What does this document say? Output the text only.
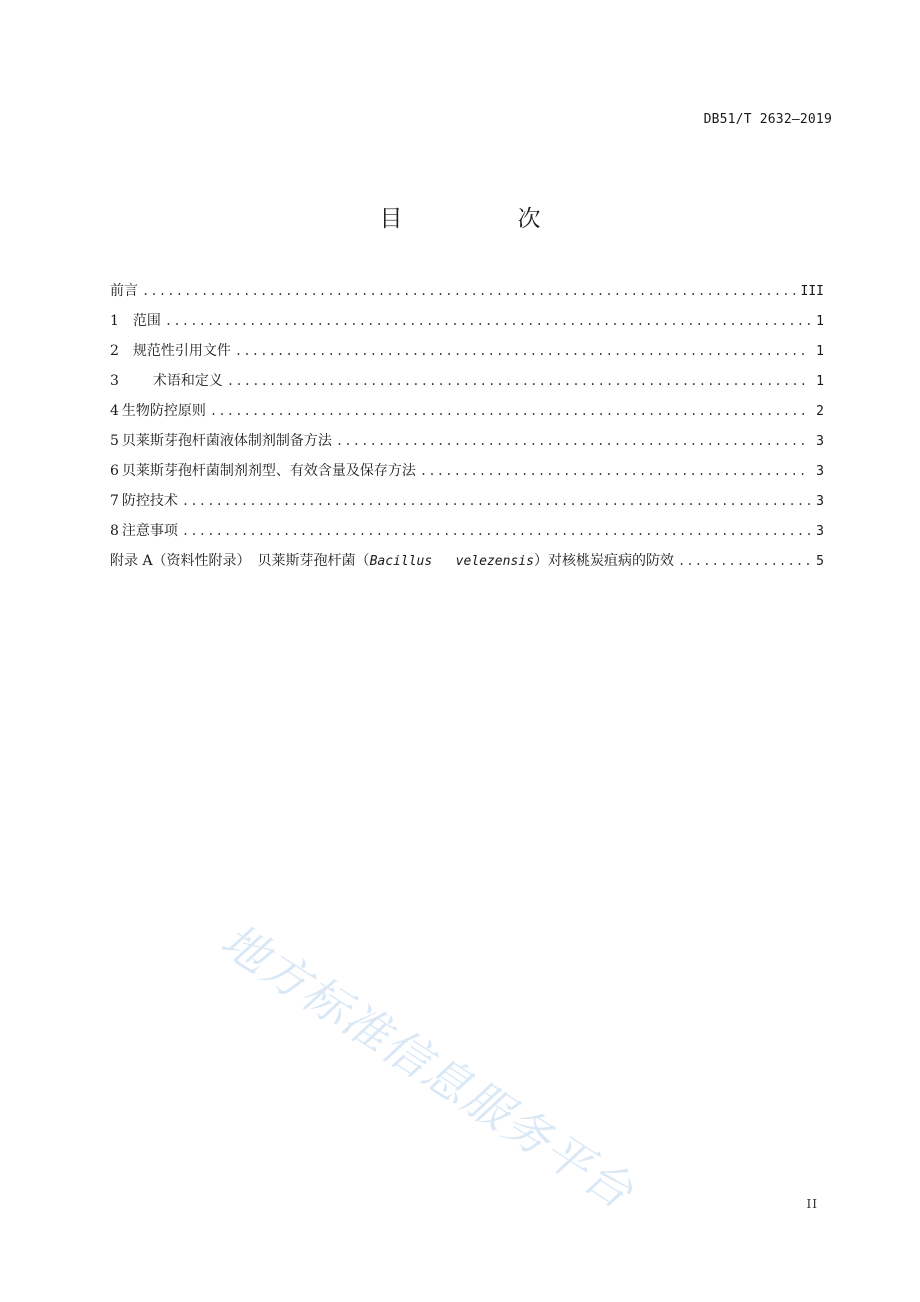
DB51/T 2632—2019
目　次
前言 .....	III
1 范围 .....	1
2 规范性引用文件 .....	1
3 术语和定义 .....	1
4 生物防控原则 .....	2
5 贝莱斯芽孢杆菌液体制剂制备方法 .....	3
6 贝莱斯芽孢杆菌制剂剂型、有效含量及保存方法 .....	3
7 防控技术 .....	3
8 注意事项 .....	3
附录 A（资料性附录）　贝莱斯芽孢杆菌（Bacillus velezensis）对核桃炭疽病的防效 .....	5
地方标准信息服务平台	II
